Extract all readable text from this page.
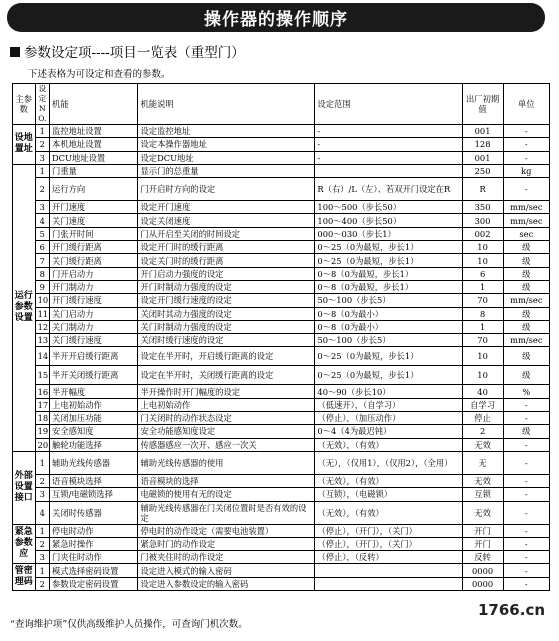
操作器的操作顺序
参数设定项----项目一览表（重型门）
下述表格为可设定和查看的参数。
主参数	设定NO.	机能	机能说明	设定范围	出厂初期值	单位
设地置址	1	监控地址设置	设定监控地址	-	001	-
	2	本机地址设置	设定本操作器地址	-	128	-
	3	DCU地址设置	设定DCU地址	-	001	-
运行参数设置	1	门重量	显示门的总重量		250	kg
	2	运行方向	门开启时方向的设定	R（右）/L（左）、若双开门设定在R	R	-
	3	开门速度	设定开门速度	100～500（步长50）	350	mm/sec
	4	关门速度	设定关闭速度	100～400（步长50）	300	mm/sec
	5	门张开时间	门从开启至关闭的时间设定	000～030（步长1）	002	sec
	6	开门缓行距离	设定开门时的缓行距离	0～25（0为最短，步长1）	10	级
	7	关门缓行距离	设定关门时的缓行距离	0～25（0为最短，步长1）	10	级
	8	门开启动力	开门启动力强度的设定	0～8（0为最短，步长1）	6	级
	9	开门制动力	开门时制动力强度的设定	0～8（0为最短，步长1）	1	级
	10	开门缓行速度	设定开门缓行速度的设定	50～100（步长5）	70	mm/sec
	11	关门启动力	关闭时其动力强度的设定	0～8（0为最小）	8	级
	12	关门制动力	关门时制动力强度的设定	0～8（0为最小）	1	级
	13	关门缓行速度	关闭时缓行速度的设定	50～100（步长5）	70	mm/sec
	14	半开开启缓行距离	设定在半开时，开启缓行距离的设定	0～25（0为最短，步长1）	10	级
	15	半开关闭缓行距离	设定在半开时，关闭缓行距离的设定	0～25（0为最短，步长1）	10	级
	16	半开幅度	半开操作时开门幅度的设定	40～90（步长10）	40	%
	17	上电初始动作	上电初始动作	（低速开），（自学习）	自学习	-
	18	关闭加压功能	门关闭时的动作状态设定	（停止），（加压动作）	停止	-
	19	安全感知度	安全功能感知度设定	0～4（4为最迟钝）	2	级
	20	触轮功能选择	传感器感应一次开、感应一次关	（无效），（有效）	无效	-
外部设置接口	1	辅助光线传感器	辅助光线传感器的使用	（无），（仅用1），（仅用2），（全用）	无	-
	2	语音模块选择	语音模块的选择	（无效），（有效）	无效	-
	3	互锁/电磁锁选择	电磁锁的使用有无的设定	（互锁），（电磁锁）	互锁	-
	4	关闭时传感器	辅助光线传感器在门关闭位置时是否有效的设定	（无效），（有效）	无效	-
紧急参数应	1	停电时动作	停电时的动作设定（需要电池装置）	（停止），（开门），（关门）	开门	-
	2	紧急时操作	紧急时门的动作设定	（停止），（开门），（关门）	开门	-
	3	门夹住时动作	门被夹住时的动作设定	（停止），（反转）	反转	-
管密理码	1	模式选择密码设置	设定进入模式的输入密码		0000	-
	2	参数设定密码设置	设定进入参数设定的输入密码		0000	-
“查询维护项”仅供高级维护人员操作，可查询门机次数。
1766.cn
